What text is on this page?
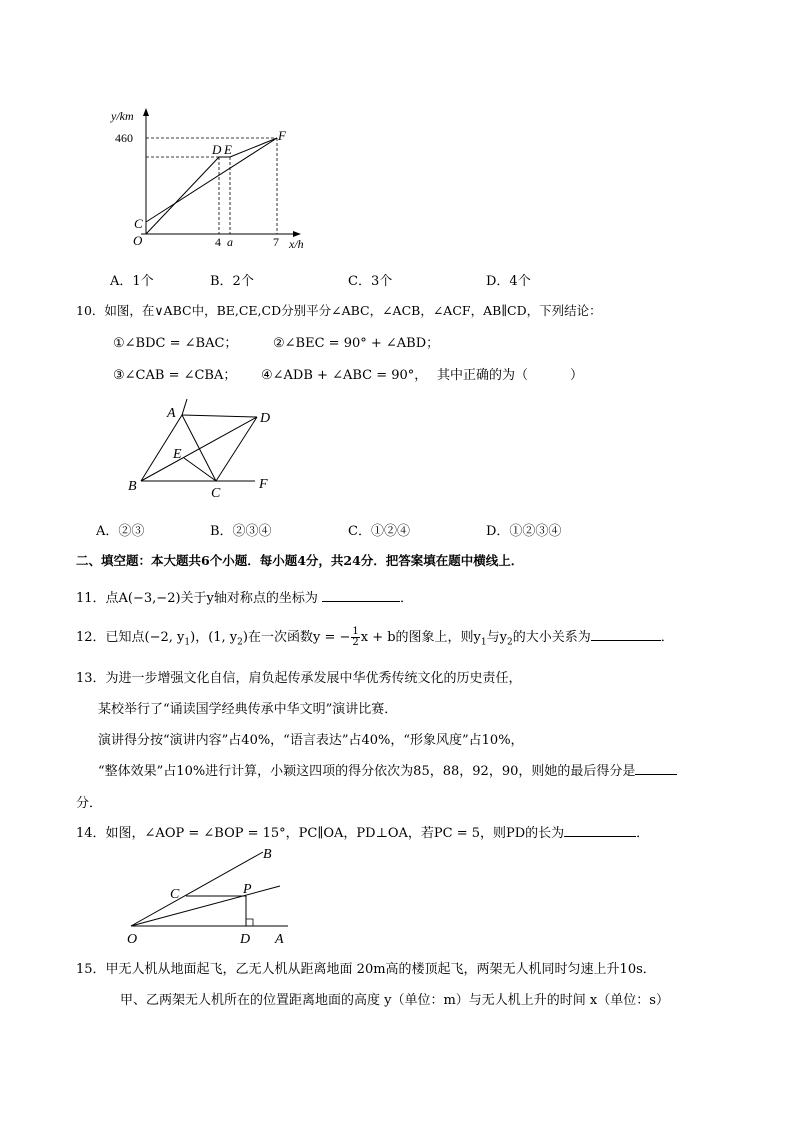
y/km
460
O
C
D E
F
4 a	7 x/h
A．1个	B．2个	C．3个	D．4个
10．如图，在∨ABC中，BE,CE,CD分别平分∠ABC，∠ACB，∠ACF，AB∥CD，下列结论：
①∠BDC = ∠BAC；	②∠BEC = 90° + ∠ABD；
③∠CAB = ∠CBA； ④∠ADB + ∠ABC = 90°， 其中正确的为（	）
A	D
E
B	C
F
A．②③	B．②③④	C．①②④	D．①②③④
二、填空题：本大题共6个小题．每小题4分，共24分．把答案填在题中横线上．
11．点A(−3,−2)关于y轴对称点的坐标为	．
12．已知点(−2, $y_1$)，(1, $y_2$)在一次函数y = − $\frac{1}{2}$ x + b的图象上，则$y_1$与$y_2$的大小关系为	．
13．为进一步增强文化自信，肩负起传承发展中华优秀传统文化的历史责任，
某校举行了“诵读国学经典传承中华文明”演讲比赛．
演讲得分按“演讲内容”占40%，“语言表达”占40%，“形象风度”占10%，
“整体效果”占10%进行计算，小颖这四项的得分依次为85，88，92，90，则她的最后得分是
分．
14．如图，∠AOP = ∠BOP = 15°，PC∥OA，PD⊥OA，若PC = 5，则PD的长为	．
B
C	P
O	D A
15．甲无人机从地面起飞，乙无人机从距离地面 20m高的楼顶起飞，两架无人机同时匀速上升10s．
甲、乙两架无人机所在的位置距离地面的高度 y（单位：m）与无人机上升的时间 x（单位：s）
